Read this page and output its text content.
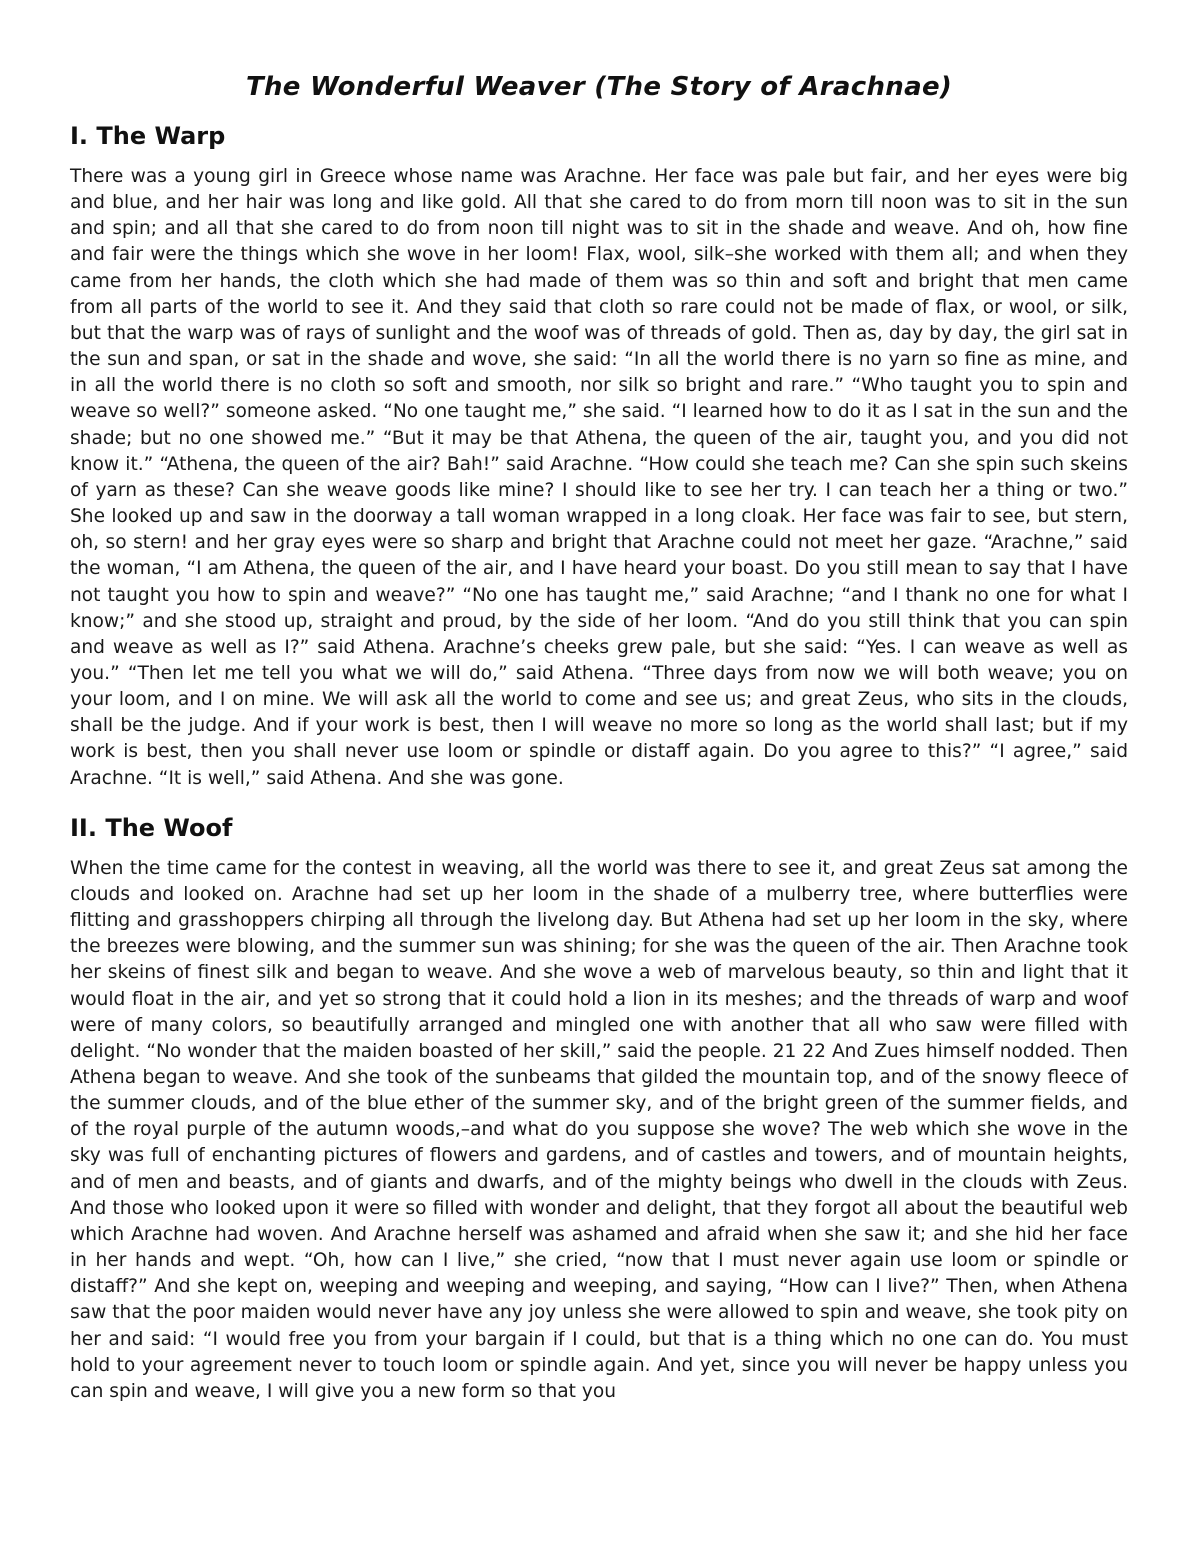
The Wonderful Weaver (The Story of Arachnae)
I. The Warp

There was a young girl in Greece whose name was Arachne. Her face was pale but fair, and her eyes were big and blue, and her hair was long and like gold. All that she cared to do from morn till noon was to sit in the sun and spin; and all that she cared to do from noon till night was to sit in the shade and weave. And oh, how fine and fair were the things which she wove in her loom! Flax, wool, silk–she worked with them all; and when they came from her hands, the cloth which she had made of them was so thin and soft and bright that men came from all parts of the world to see it. And they said that cloth so rare could not be made of flax, or wool, or silk, but that the warp was of rays of sunlight and the woof was of threads of gold. Then as, day by day, the girl sat in the sun and span, or sat in the shade and wove, she said: “In all the world there is no yarn so fine as mine, and in all the world there is no cloth so soft and smooth, nor silk so bright and rare.” “Who taught you to spin and weave so well?” someone asked. “No one taught me,” she said. “I learned how to do it as I sat in the sun and the shade; but no one showed me.” “But it may be that Athena, the queen of the air, taught you, and you did not know it.” “Athena, the queen of the air? Bah!” said Arachne. “How could she teach me? Can she spin such skeins of yarn as these? Can she weave goods like mine? I should like to see her try. I can teach her a thing or two.” She looked up and saw in the doorway a tall woman wrapped in a long cloak. Her face was fair to see, but stern, oh, so stern! and her gray eyes were so sharp and bright that Arachne could not meet her gaze. “Arachne,” said the woman, “I am Athena, the queen of the air, and I have heard your boast. Do you still mean to say that I have not taught you how to spin and weave?” “No one has taught me,” said Arachne; “and I thank no one for what I know;” and she stood up, straight and proud, by the side of her loom. “And do you still think that you can spin and weave as well as I?” said Athena. Arachne’s cheeks grew pale, but she said: “Yes. I can weave as well as you.” “Then let me tell you what we will do,” said Athena. “Three days from now we will both weave; you on your loom, and I on mine. We will ask all the world to come and see us; and great Zeus, who sits in the clouds, shall be the judge. And if your work is best, then I will weave no more so long as the world shall last; but if my work is best, then you shall never use loom or spindle or distaff again. Do you agree to this?” “I agree,” said Arachne. “It is well,” said Athena. And she was gone.

II. The Woof

When the time came for the contest in weaving, all the world was there to see it, and great Zeus sat among the clouds and looked on. Arachne had set up her loom in the shade of a mulberry tree, where butterflies were flitting and grasshoppers chirping all through the livelong day. But Athena had set up her loom in the sky, where the breezes were blowing, and the summer sun was shining; for she was the queen of the air. Then Arachne took her skeins of finest silk and began to weave. And she wove a web of marvelous beauty, so thin and light that it would float in the air, and yet so strong that it could hold a lion in its meshes; and the threads of warp and woof were of many colors, so beautifully arranged and mingled one with another that all who saw were filled with delight. “No wonder that the maiden boasted of her skill,” said the people. 21 22 And Zues himself nodded. Then Athena began to weave. And she took of the sunbeams that gilded the mountain top, and of the snowy fleece of the summer clouds, and of the blue ether of the summer sky, and of the bright green of the summer fields, and of the royal purple of the autumn woods,–and what do you suppose she wove? The web which she wove in the sky was full of enchanting pictures of flowers and gardens, and of castles and towers, and of mountain heights, and of men and beasts, and of giants and dwarfs, and of the mighty beings who dwell in the clouds with Zeus. And those who looked upon it were so filled with wonder and delight, that they forgot all about the beautiful web which Arachne had woven. And Arachne herself was ashamed and afraid when she saw it; and she hid her face in her hands and wept. “Oh, how can I live,” she cried, “now that I must never again use loom or spindle or distaff?” And she kept on, weeping and weeping and weeping, and saying, “How can I live?” Then, when Athena saw that the poor maiden would never have any joy unless she were allowed to spin and weave, she took pity on her and said: “I would free you from your bargain if I could, but that is a thing which no one can do. You must hold to your agreement never to touch loom or spindle again. And yet, since you will never be happy unless you can spin and weave, I will give you a new form so that you
